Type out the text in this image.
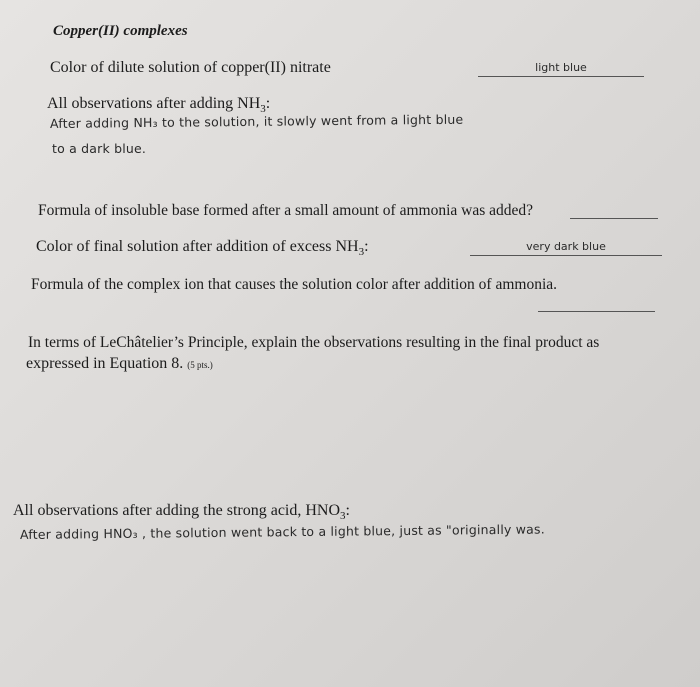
Copper(II) complexes
Color of dilute solution of copper(II) nitrate	light blue
All observations after adding $NH_3$:
After adding NH₃ to the solution, it slowly went from a light blue
to a dark blue.
Formula of insoluble base formed after a small amount of ammonia was added?
Color of final solution after addition of excess $NH_3$:	very dark blue
Formula of the complex ion that causes the solution color after addition of ammonia.
In terms of LeChâtelier’s Principle, explain the observations resulting in the final product as
expressed in Equation 8. (5 pts.)
All observations after adding the strong acid, $HNO_3$:
After adding HNO₃ , the solution went back to a light blue, just as "originally was.
